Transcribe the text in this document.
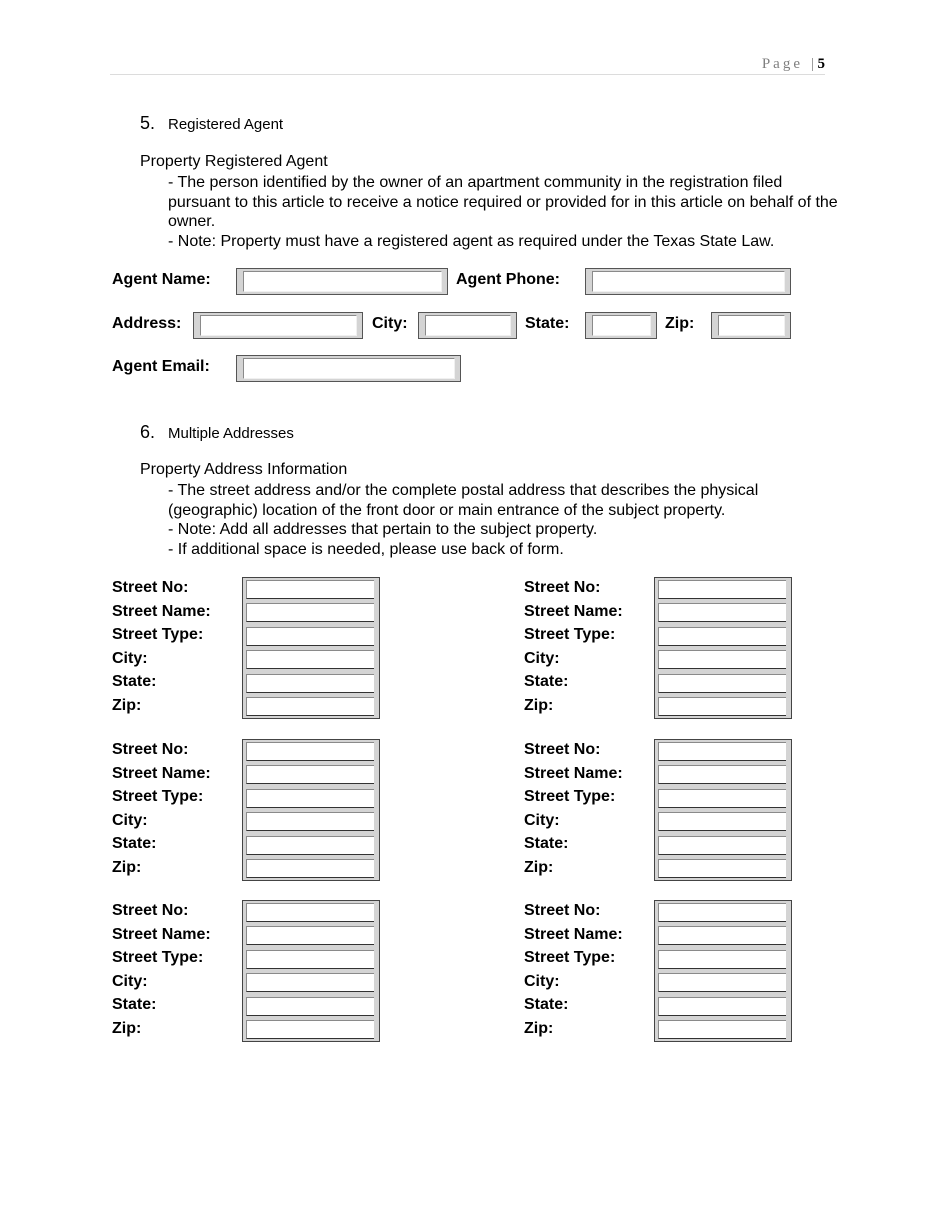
Page | 5
5. Registered Agent
Property Registered Agent

- The person identified by the owner of an apartment community in the registration filed pursuant to this article to receive a notice required or provided for in this article on behalf of the owner.

- Note: Property must have a registered agent as required under the Texas State Law.

Agent Name:	Agent Phone:
Address:	City:	State:	Zip:
Agent Email:
6. Multiple Addresses
Property Address Information

- The street address and/or the complete postal address that describes the physical (geographic) location of the front door or main entrance of the subject property.

- Note: Add all addresses that pertain to the subject property.

- If additional space is needed, please use back of form.

Street No:
Street Name:
Street Type:
City:
State:
Zip:
Street No:
Street Name:
Street Type:
City:
State:
Zip:
Street No:
Street Name:
Street Type:
City:
State:
Zip:
Street No:
Street Name:
Street Type:
City:
State:
Zip:
Street No:
Street Name:
Street Type:
City:
State:
Zip:
Street No:
Street Name:
Street Type:
City:
State:
Zip:
